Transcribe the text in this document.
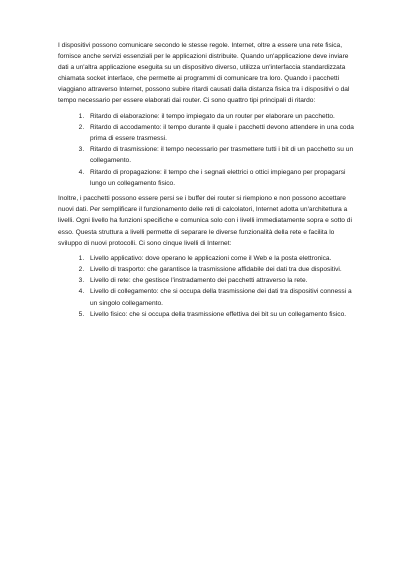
I dispositivi possono comunicare secondo le stesse regole. Internet, oltre a essere una rete fisica, fornisce anche servizi essenziali per le applicazioni distribuite. Quando un'applicazione deve inviare dati a un'altra applicazione eseguita su un dispositivo diverso, utilizza un'interfaccia standardizzata chiamata socket interface, che permette ai programmi di comunicare tra loro. Quando i pacchetti viaggiano attraverso Internet, possono subire ritardi causati dalla distanza fisica tra i dispositivi o dal tempo necessario per essere elaborati dai router. Ci sono quattro tipi principali di ritardo:

1. Ritardo di elaborazione: il tempo impiegato da un router per elaborare un pacchetto.
2. Ritardo di accodamento: il tempo durante il quale i pacchetti devono attendere in una coda prima di essere trasmessi.
3. Ritardo di trasmissione: il tempo necessario per trasmettere tutti i bit di un pacchetto su un collegamento.
4. Ritardo di propagazione: il tempo che i segnali elettrici o ottici impiegano per propagarsi lungo un collegamento fisico.

Inoltre, i pacchetti possono essere persi se i buffer dei router si riempiono e non possono accettare nuovi dati. Per semplificare il funzionamento delle reti di calcolatori, Internet adotta un'architettura a livelli. Ogni livello ha funzioni specifiche e comunica solo con i livelli immediatamente sopra e sotto di esso. Questa struttura a livelli permette di separare le diverse funzionalità della rete e facilita lo sviluppo di nuovi protocolli. Ci sono cinque livelli di Internet:

1. Livello applicativo: dove operano le applicazioni come il Web e la posta elettronica.
2. Livello di trasporto: che garantisce la trasmissione affidabile dei dati tra due dispositivi.
3. Livello di rete: che gestisce l'instradamento dei pacchetti attraverso la rete.
4. Livello di collegamento: che si occupa della trasmissione dei dati tra dispositivi connessi a un singolo collegamento.
5. Livello fisico: che si occupa della trasmissione effettiva dei bit su un collegamento fisico.
